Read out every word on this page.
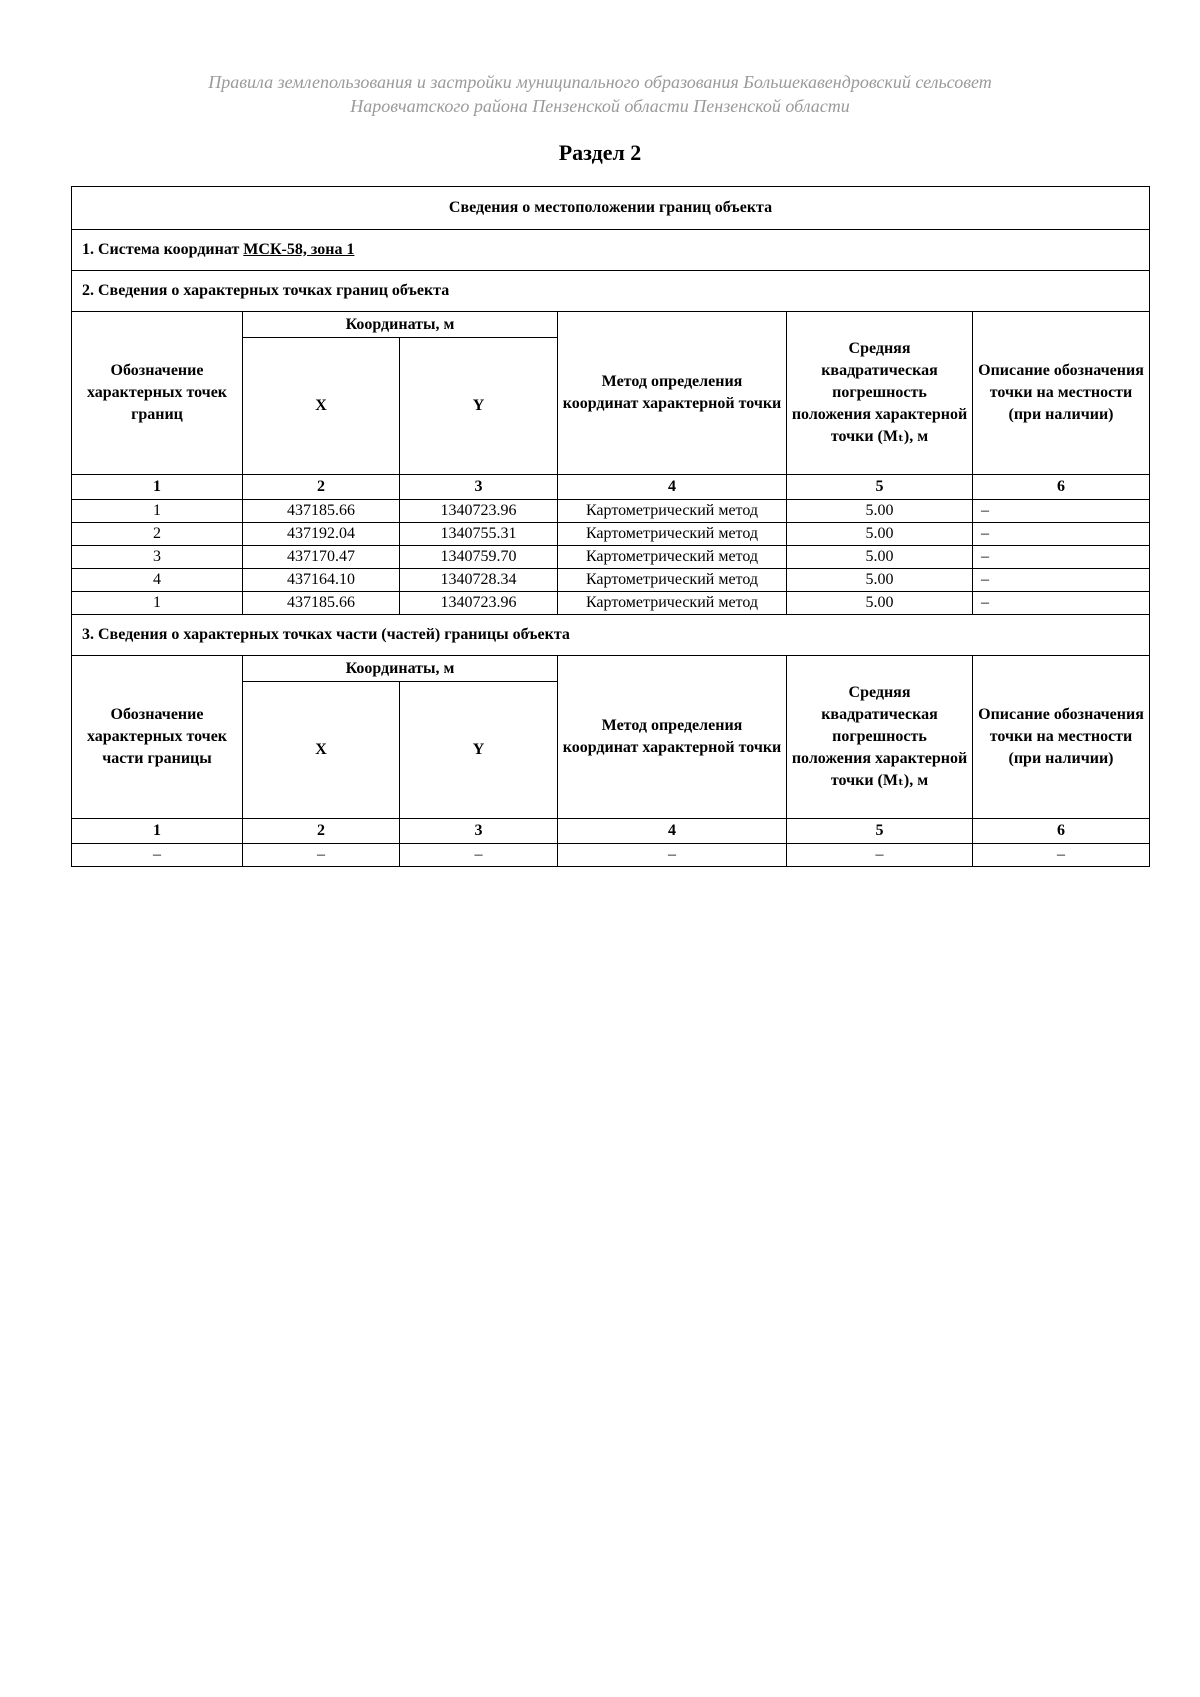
Правила землепользования и застройки муниципального образования Большекавендровский сельсовет
Наровчатского района Пензенской области Пензенской области
Раздел 2
Сведения о местоположении границ объекта					
1. Система координат МСК-58, зона 1					
2. Сведения о характерных точках границ объекта					
Обозначение характерных точек границ	Координаты, м		Метод определения координат характерной точки	Средняя квадратическая погрешность положения характерной точки (Mₜ), м	Описание обозначения точки на местности (при наличии)
	X	Y			
1	2	3	4	5	6
1	437185.66	1340723.96	Картометрический метод	5.00	–
2	437192.04	1340755.31	Картометрический метод	5.00	–
3	437170.47	1340759.70	Картометрический метод	5.00	–
4	437164.10	1340728.34	Картометрический метод	5.00	–
1	437185.66	1340723.96	Картометрический метод	5.00	–
3. Сведения о характерных точках части (частей) границы объекта					
Обозначение характерных точек части границы	Координаты, м		Метод определения координат характерной точки	Средняя квадратическая погрешность положения характерной точки (Mₜ), м	Описание обозначения точки на местности (при наличии)
	X	Y			
1	2	3	4	5	6
–	–	–	–	–	–
